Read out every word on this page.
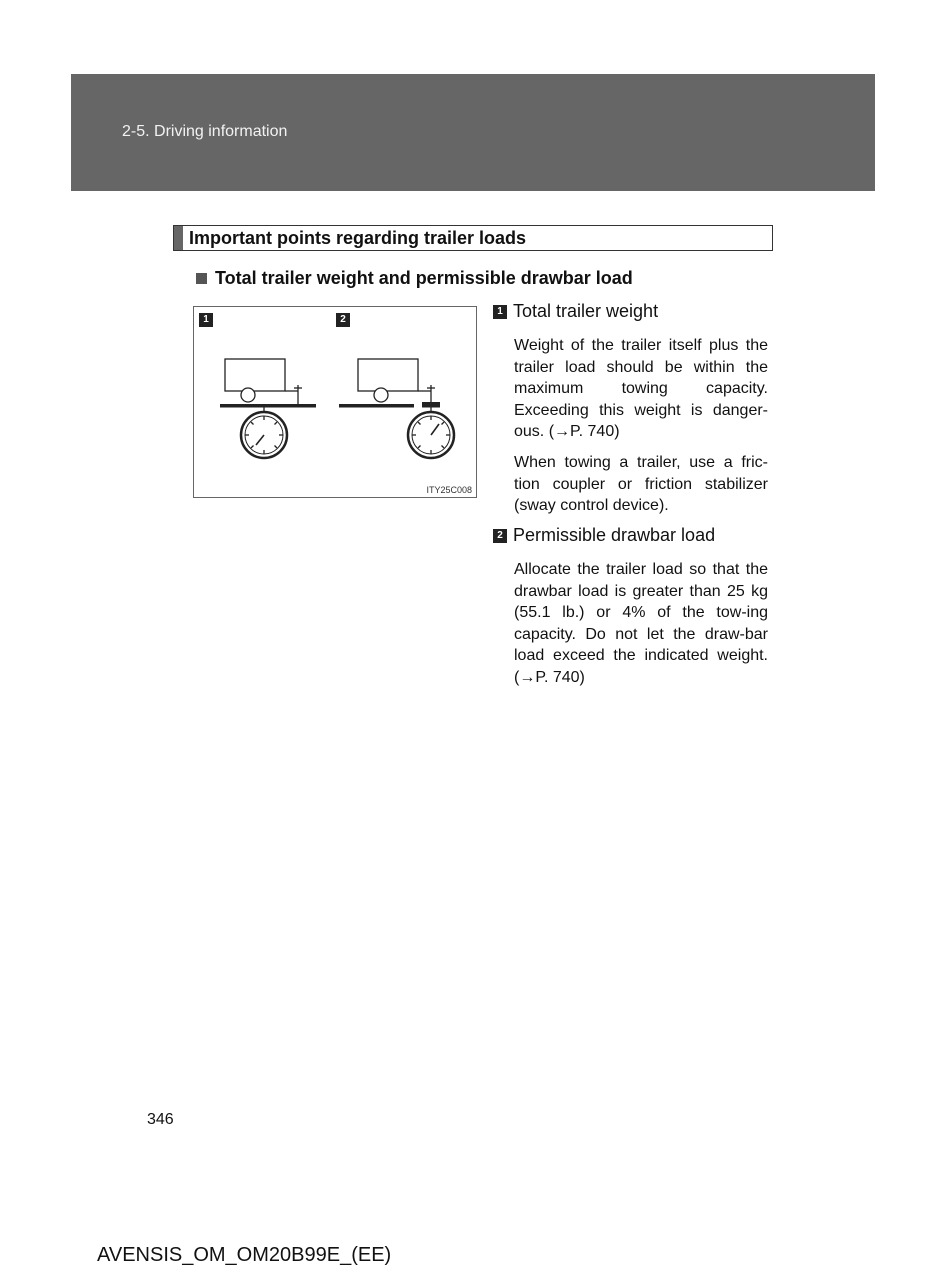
2-5. Driving information
Important points regarding trailer loads
Total trailer weight and permissible drawbar load
1	2
ITY25C008
1 Total trailer weight
Weight of the trailer itself plus the trailer load should be within the maximum towing capacity. Exceeding this weight is danger-ous. (→P. 740)
When towing a trailer, use a fric-tion coupler or friction stabilizer (sway control device).
2 Permissible drawbar load
Allocate the trailer load so that the drawbar load is greater than 25 kg (55.1 lb.) or 4% of the tow-ing capacity. Do not let the draw-bar load exceed the indicated weight. (→P. 740)
346
AVENSIS_OM_OM20B99E_(EE)
